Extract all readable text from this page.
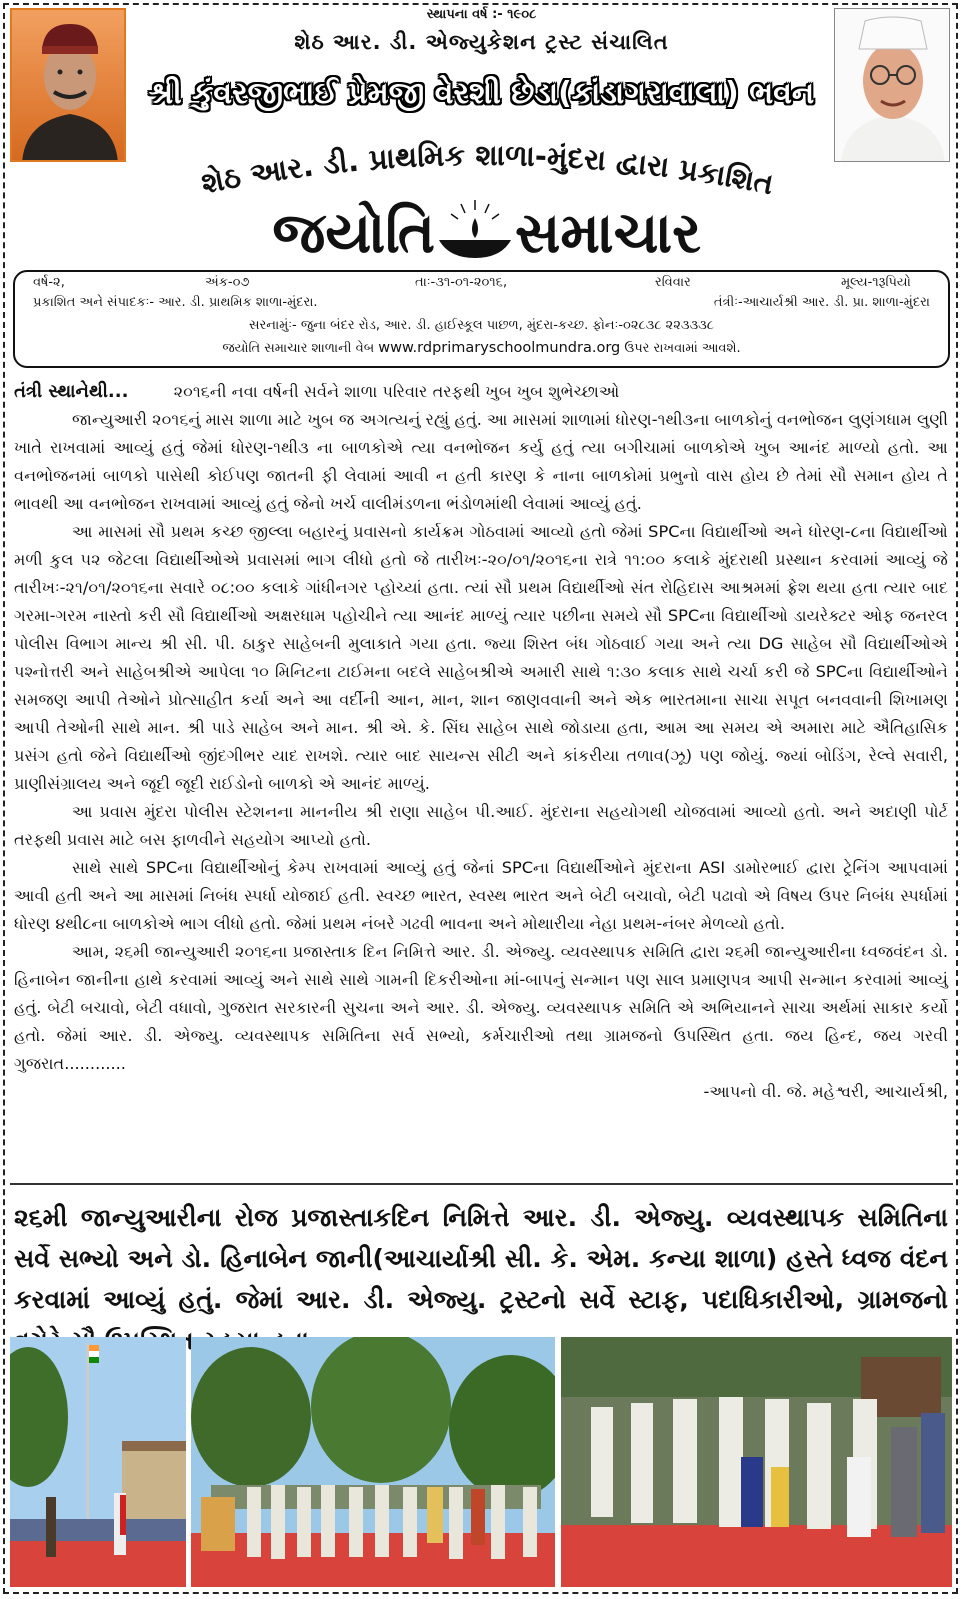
સ્થાપના વર્ષ :- ૧૯૦૮
શેઠ આર. ડી. એજ્યુકેશન ટ્રસ્ટ સંચાલિત
શ્રી કુંવરજીભાઈ પ્રેમજી વેરશી છેડા(કાંડાગરાવાલા) ભવન
શેઠ આર. ડી. પ્રાથમિક શાળા-મુંદરા દ્વારા પ્રકાશિત
જયોતિ સમાચાર
વર્ષ-૨,	અંક-૦૭	તાઃ-૩૧-૦૧-૨૦૧૬,	રવિવાર	મૂલ્ય-૧રૂપિયો
પ્રકાશિત અને સંપાદકઃ- આર. ડી. પ્રાથમિક શાળા-મુંદરા.	તંત્રીઃ-આચાર્યશ્રી આર. ડી. પ્રા. શાળા-મુંદરા
સરનામુંઃ- જુના બંદર રોડ, આર. ડી. હાઈસ્કૂલ પાછળ, મુંદરા-કચ્છ. ફોનઃ-૦૨૮૩૮ ૨૨૩૩૩૮
જયોતિ સમાચાર શાળાની વેબ www.rdprimaryschoolmundra.org ઉપર રાખવામાં આવશે.

તંત્રી સ્થાનેથી...	૨૦૧૬ની નવા વર્ષની સર્વને શાળા પરિવાર તરફથી ખુબ ખુબ શુભેચ્છાઓ

જાન્યુઆરી ૨૦૧૬નું માસ શાળા માટે ખુબ જ અગત્યનું રહ્યું હતું. આ માસમાં શાળામાં ધોરણ-૧થી૩ના બાળકોનું વનભોજન લુણંગધામ લુણી ખાતે રાખવામાં આવ્યું હતું જેમાં ધોરણ-૧થી૩ ના બાળકોએ ત્યા વનભોજન કર્યુ હતું ત્યા બગીચામાં બાળકોએ ખુબ આનંદ માળ્યો હતો. આ વનભોજનમાં બાળકો પાસેથી કોઈપણ જાતની ફી લેવામાં આવી ન હતી કારણ કે નાના બાળકોમાં પ્રભુનો વાસ હોય છે તેમાં સૌ સમાન હોય તે ભાવથી આ વનભોજન રાખવામાં આવ્યું હતું જેનો ખર્ચ વાલીમંડળના ભંડોળમાંથી લેવામાં આવ્યું હતું.

આ માસમાં સૌ પ્રથમ કચ્છ જીલ્લા બહારનું પ્રવાસનો કાર્યક્રમ ગોઠવામાં આવ્યો હતો જેમાં SPCના વિદ્યાર્થીઓ અને ધોરણ-૮ના વિદ્યાર્થીઓ મળી કુલ ૫૨ જેટલા વિદ્યાર્થીઓએ પ્રવાસમાં ભાગ લીધો હતો જે તારીખઃ-૨૦/૦૧/૨૦૧૬ના રાત્રે ૧૧:૦૦ કલાકે મુંદરાથી પ્રસ્થાન કરવામાં આવ્યું જે તારીખઃ-૨૧/૦૧/૨૦૧૬ના સવારે ૦૮:૦૦ કલાકે ગાંધીનગર પ્હોચ્યાં હતા. ત્યાં સૌ પ્રથમ વિદ્યાર્થીઓ સંત રોહિદાસ આશ્રમમાં ફ્રેશ થયા હતા ત્યાર બાદ ગરમા-ગરમ નાસ્તો કરી સૌ વિદ્યાર્થીઓ અક્ષરધામ પહોચીને ત્યા આનંદ માળ્યું ત્યાર પછીના સમયે સૌ SPCના વિદ્યાર્થીઓ ડાયરેક્ટર ઓફ જનરલ પોલીસ વિભાગ માન્ય શ્રી સી. પી. ઠાકુર સાહેબની મુલાકાતે ગયા હતા. જ્યા શિસ્ત બંધ ગોઠવાઈ ગયા અને ત્યા DG સાહેબ સૌ વિદ્યાર્થીઓએ પશ્નોત્તરી અને સાહેબશ્રીએ આપેલા ૧૦ મિનિટના ટાઈમના બદલે સાહેબશ્રીએ અમારી સાથે ૧:૩૦ કલાક સાથે ચર્ચા કરી જે SPCના વિદ્યાર્થીઓને સમજણ આપી તેઓને પ્રોત્સાહીત કર્યા અને આ વર્દીની આન, માન, શાન જાણવવાની અને એક ભારતમાના સાચા સપૂત બનવવાની શિખામણ આપી તેઓની સાથે માન. શ્રી પાડે સાહેબ અને માન. શ્રી એ. કે. સિંઘ સાહેબ સાથે જોડાયા હતા, આમ આ સમય એ અમારા માટે ઐતિહાસિક પ્રસંગ હતો જેને વિદ્યાર્થીઓ જીંદગીભર યાદ રાખશે. ત્યાર બાદ સાયન્સ સીટી અને કાંકરીયા તળાવ(ઝૂ) પણ જોયું. જ્યાં બોડિંગ, રેલ્વે સવારી, પ્રાણીસંગ્રાલય અને જૂદી જૂદી રાઈડોનો બાળકો એ આનંદ માળ્યું.

આ પ્રવાસ મુંદરા પોલીસ સ્ટેશનના માનનીય શ્રી રાણા સાહેબ પી.આઈ. મુંદરાના સહયોગથી યોજવામાં આવ્યો હતો. અને અદાણી પોર્ટ તરફથી પ્રવાસ માટે બસ ફાળવીને સહયોગ આપ્યો હતો.

સાથે સાથે SPCના વિદ્યાર્થીઓનું કેમ્પ રાખવામાં આવ્યું હતું જેનાં SPCના વિદ્યાર્થીઓને મુંદરાના ASI ડામોરભાઈ દ્વારા ટ્રેનિંગ આપવામાં આવી હતી અને આ માસમાં નિબંધ સ્પર્ધા યોજાઈ હતી. સ્વચ્છ ભારત, સ્વસ્થ ભારત અને બેટી બચાવો, બેટી પઢાવો એ વિષય ઉપર નિબંધ સ્પર્ધામાં ધોરણ ૪થી૮ના બાળકોએ ભાગ લીધો હતો. જેમાં પ્રથમ નંબરે ગઢવી ભાવના અને મોથારીયા નેહા પ્રથમ-નંબર મેળવ્યો હતો.

આમ, ૨૬મી જાન્યુઆરી ૨૦૧૬ના પ્રજાસ્તાક દિન નિમિત્તે આર. ડી. એજ્યુ. વ્યવસ્થાપક સમિતિ દ્વારા ૨૬મી જાન્યુઆરીના ધ્વજવંદન ડો. હિનાબેન જાનીના હાથે કરવામાં આવ્યું અને સાથે સાથે ગામની દિકરીઓના માં-બાપનું સન્માન પણ સાલ પ્રમાણપત્ર આપી સન્માન કરવામાં આવ્યું હતું. બેટી બચાવો, બેટી વધાવો, ગુજરાત સરકારની સુચના અને આર. ડી. એજ્યુ. વ્યવસ્થાપક સમિતિ એ અભિયાનને સાચા અર્થમાં સાકાર કર્યો હતો. જેમાં આર. ડી. એજ્યુ. વ્યવસ્થાપક સમિતિના સર્વ સભ્યો, કર્મચારીઓ તથા ગ્રામજનો ઉપસ્થિત હતા. જય હિન્દ, જય ગરવી ગુજરાત............

-આપનો વી. જે. મહેશ્વરી, આચાર્યશ્રી,

૨૬મી જાન્યુઆરીના રોજ પ્રજાસ્તાકદિન નિમિત્તે આર. ડી. એજ્યુ. વ્યવસ્થાપક સમિતિના સર્વે સભ્યો અને ડો. હિનાબેન જાની(આચાર્યાશ્રી સી. કે. એમ. કન્યા શાળા) હસ્તે ધ્વજ વંદન કરવામાં આવ્યું હતું. જેમાં આર. ડી. એજ્યુ. ટ્રસ્ટનો સર્વે સ્ટાફ, પદાધિકારીઓ, ગ્રામજનો
